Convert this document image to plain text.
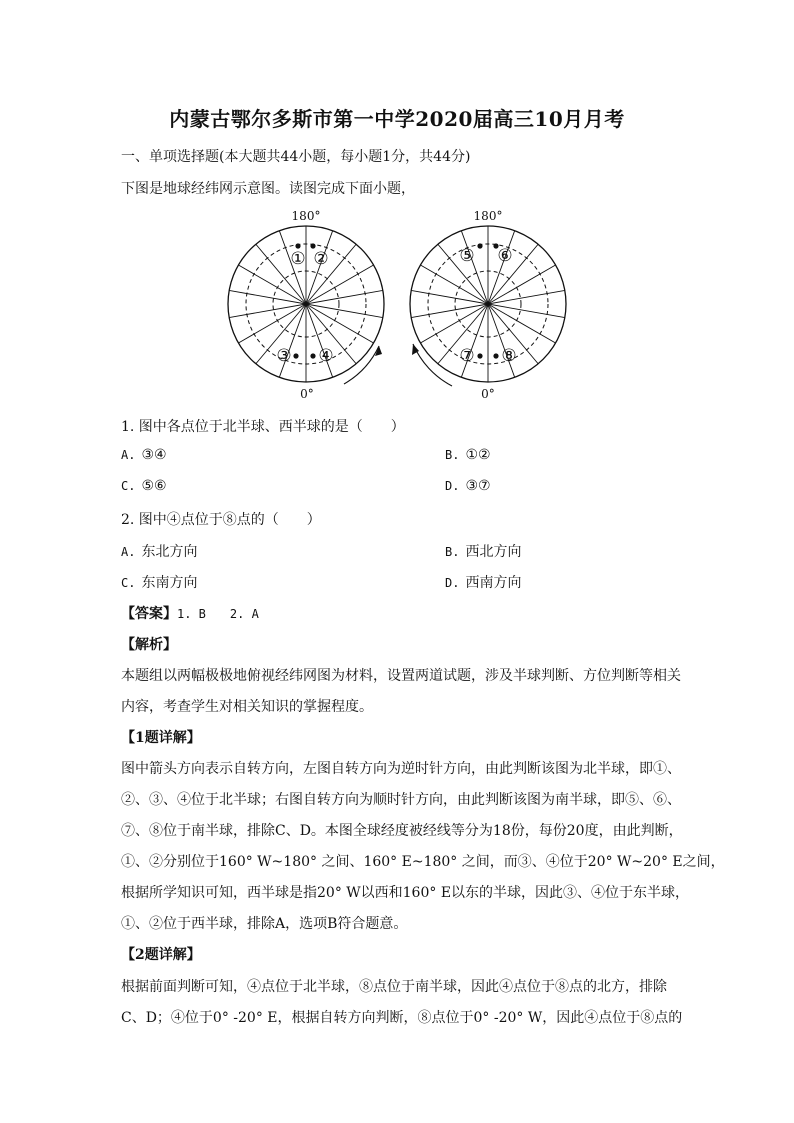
内蒙古鄂尔多斯市第一中学2020届高三10月月考
一、单项选择题(本大题共44小题，每小题1分，共44分)
下图是地球经纬网示意图。读图完成下面小题，
180°
0°
180°
0°
① ②
③ ④
⑤ ⑥
⑦ ⑧
1. 图中各点位于北半球、西半球的是（　　）
A. ③④	B. ①②
C. ⑤⑥	D. ③⑦
2. 图中④点位于⑧点的（　　）
A. 东北方向	B. 西北方向
C. 东南方向	D. 西南方向
【答案】1. B　　2. A
【解析】
本题组以两幅极极地俯视经纬网图为材料，设置两道试题，涉及半球判断、方位判断等相关
内容，考查学生对相关知识的掌握程度。
【1题详解】
图中箭头方向表示自转方向，左图自转方向为逆时针方向，由此判断该图为北半球，即①、
②、③、④位于北半球；右图自转方向为顺时针方向，由此判断该图为南半球，即⑤、⑥、
⑦、⑧位于南半球，排除C、D。本图全球经度被经线等分为18份，每份20度，由此判断，
①、②分别位于160° W~180° 之间、160° E~180° 之间，而③、④位于20° W~20° E之间，
根据所学知识可知，西半球是指20° W以西和160° E以东的半球，因此③、④位于东半球，
①、②位于西半球，排除A，选项B符合题意。
【2题详解】
根据前面判断可知，④点位于北半球，⑧点位于南半球，因此④点位于⑧点的北方，排除
C、D；④位于0° -20° E，根据自转方向判断，⑧点位于0° -20° W，因此④点位于⑧点的
